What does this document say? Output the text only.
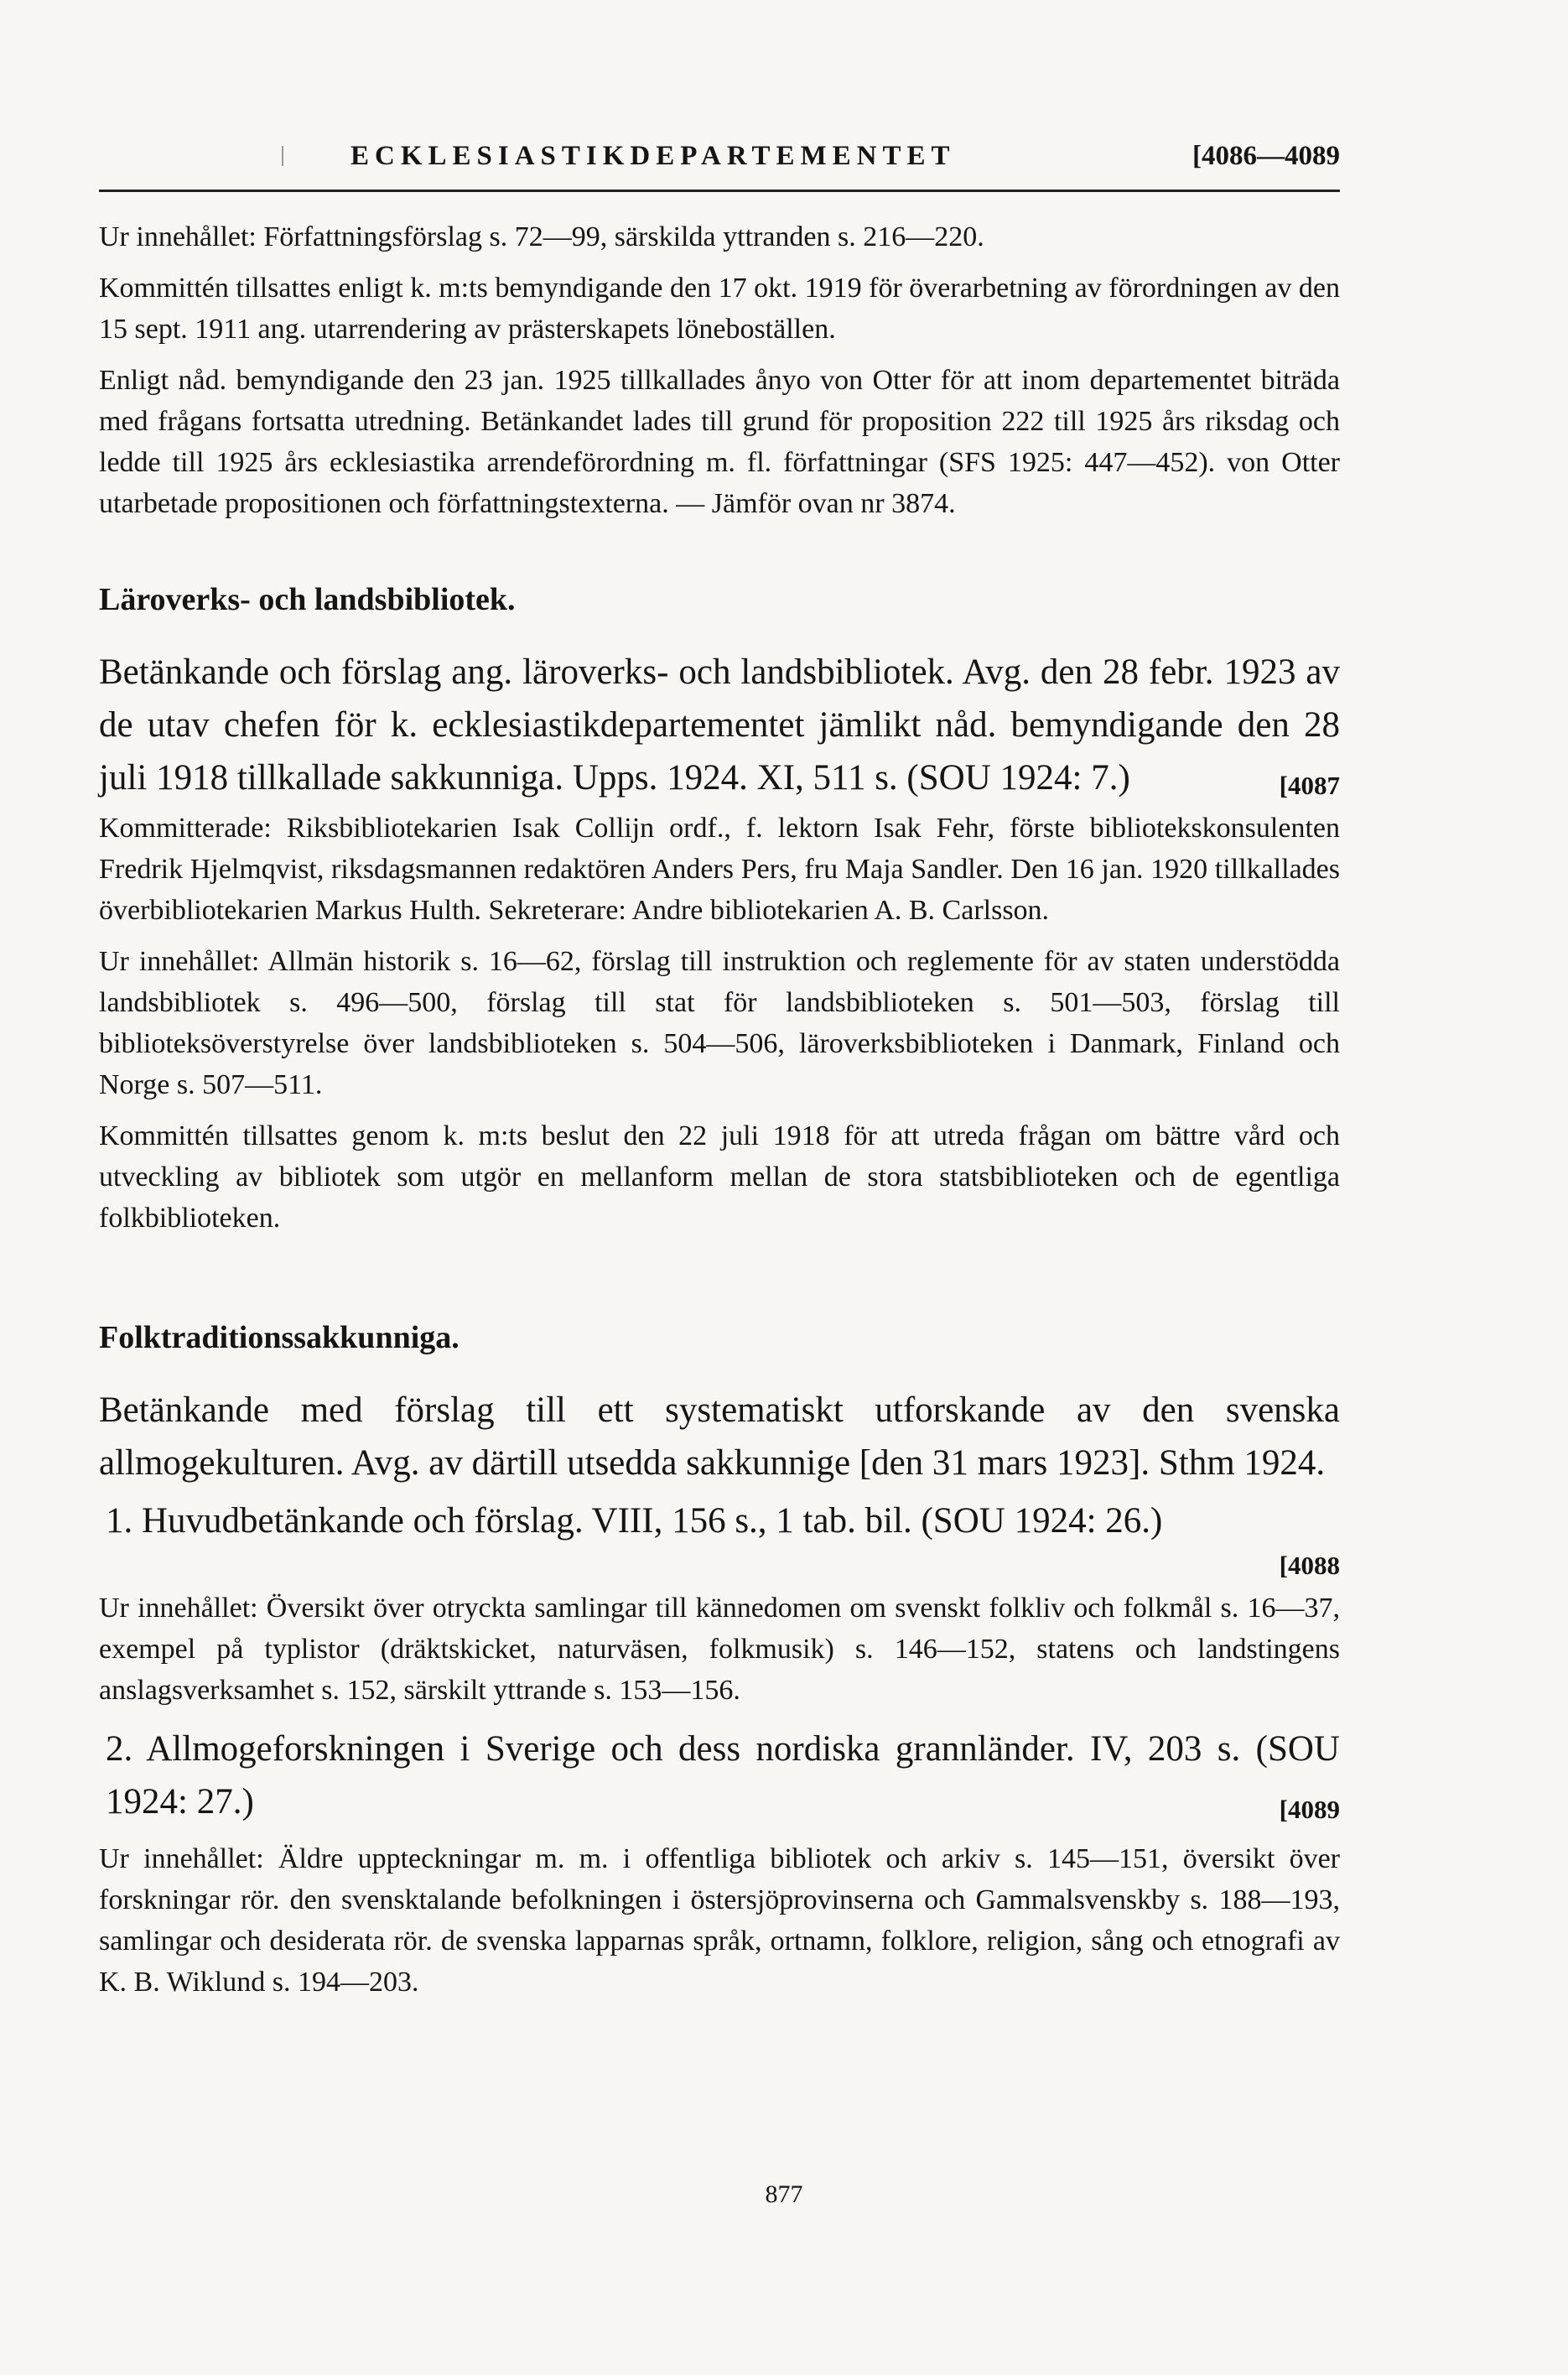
ECKLESIASTIKDEPARTEMENTET	[4086—4089

Ur innehållet: Författningsförslag s. 72—99, särskilda yttranden s. 216—220.

Kommittén tillsattes enligt k. m:ts bemyndigande den 17 okt. 1919 för överarbetning av förordningen av den 15 sept. 1911 ang. utarrendering av prästerskapets löneboställen.

Enligt nåd. bemyndigande den 23 jan. 1925 tillkallades ånyo von Otter för att inom departementet biträda med frågans fortsatta utredning. Betänkandet lades till grund för proposition 222 till 1925 års riksdag och ledde till 1925 års ecklesiastika arrendeförordning m. fl. författningar (SFS 1925: 447—452). von Otter utarbetade propositionen och författningstexterna. — Jämför ovan nr 3874.

Läroverks- och landsbibliotek.

Betänkande och förslag ang. läroverks- och landsbibliotek. Avg. den 28 febr. 1923 av de utav chefen för k. ecklesiastikdepartementet jämlikt nåd. bemyndigande den 28 juli 1918 tillkallade sakkunniga. Upps. 1924. XI, 511 s. (SOU 1924: 7.)	[4087

Kommitterade: Riksbibliotekarien Isak Collijn ordf., f. lektorn Isak Fehr, förste bibliotekskonsulenten Fredrik Hjelmqvist, riksdagsmannen redaktören Anders Pers, fru Maja Sandler. Den 16 jan. 1920 tillkallades överbibliotekarien Markus Hulth. Sekreterare: Andre bibliotekarien A. B. Carlsson.

Ur innehållet: Allmän historik s. 16—62, förslag till instruktion och reglemente för av staten understödda landsbibliotek s. 496—500, förslag till stat för landsbiblioteken s. 501—503, förslag till biblioteksöverstyrelse över landsbiblioteken s. 504—506, läroverksbiblioteken i Danmark, Finland och Norge s. 507—511.

Kommittén tillsattes genom k. m:ts beslut den 22 juli 1918 för att utreda frågan om bättre vård och utveckling av bibliotek som utgör en mellanform mellan de stora statsbiblioteken och de egentliga folkbiblioteken.

Folktraditionssakkunniga.

Betänkande med förslag till ett systematiskt utforskande av den svenska allmogekulturen. Avg. av därtill utsedda sakkunnige [den 31 mars 1923]. Sthm 1924.

1. Huvudbetänkande och förslag. VIII, 156 s., 1 tab. bil. (SOU 1924: 26.)

[4088

Ur innehållet: Översikt över otryckta samlingar till kännedomen om svenskt folkliv och folkmål s. 16—37, exempel på typlistor (dräktskicket, naturväsen, folkmusik) s. 146—152, statens och landstingens anslagsverksamhet s. 152, särskilt yttrande s. 153—156.

2. Allmogeforskningen i Sverige och dess nordiska grannländer. IV, 203 s. (SOU 1924: 27.)	[4089

Ur innehållet: Äldre uppteckningar m. m. i offentliga bibliotek och arkiv s. 145—151, översikt över forskningar rör. den svensktalande befolkningen i östersjöprovinserna och Gammalsvenskby s. 188—193, samlingar och desiderata rör. de svenska lapparnas språk, ortnamn, folklore, religion, sång och etnografi av K. B. Wiklund s. 194—203.

877
